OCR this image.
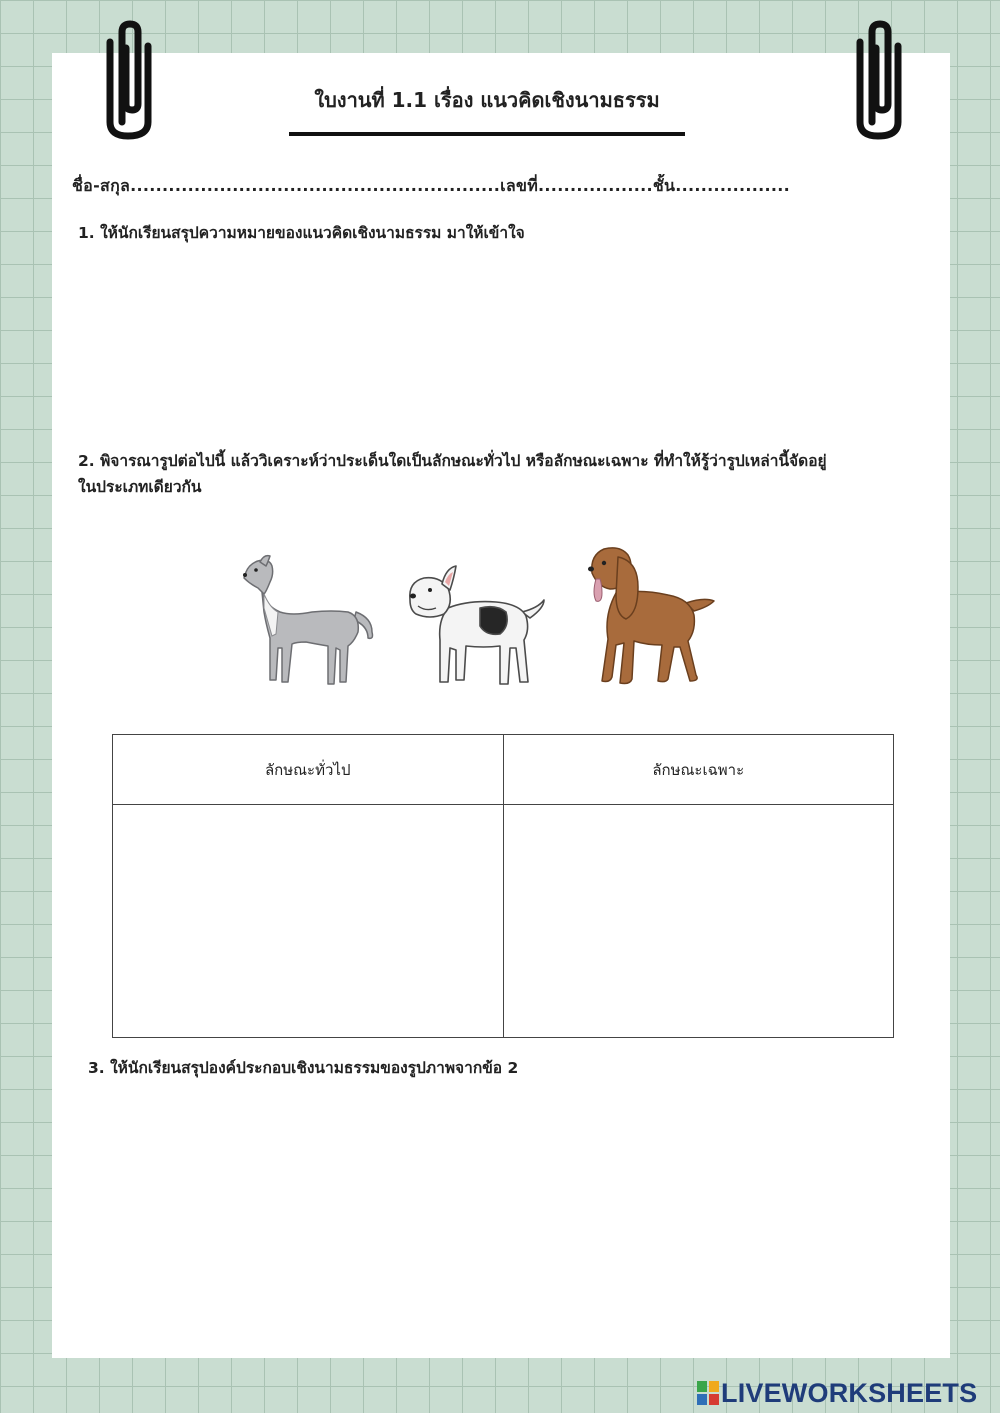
ใบงานที่ 1.1 เรื่อง แนวคิดเชิงนามธรรม
ชื่อ-สกุล..........................................................เลขที่..................ชั้น..................

1. ให้นักเรียนสรุปความหมายของแนวคิดเชิงนามธรรม มาให้เข้าใจ

2. พิจารณารูปต่อไปนี้ แล้ววิเคราะห์ว่าประเด็นใดเป็นลักษณะทั่วไป หรือลักษณะเฉพาะ ที่ทำให้รู้ว่ารูปเหล่านี้จัดอยู่
ในประเภทเดียวกัน

ลักษณะทั่วไป	ลักษณะเฉพาะ

3. ให้นักเรียนสรุปองค์ประกอบเชิงนามธรรมของรูปภาพจากข้อ 2

LIVEWORKSHEETS
